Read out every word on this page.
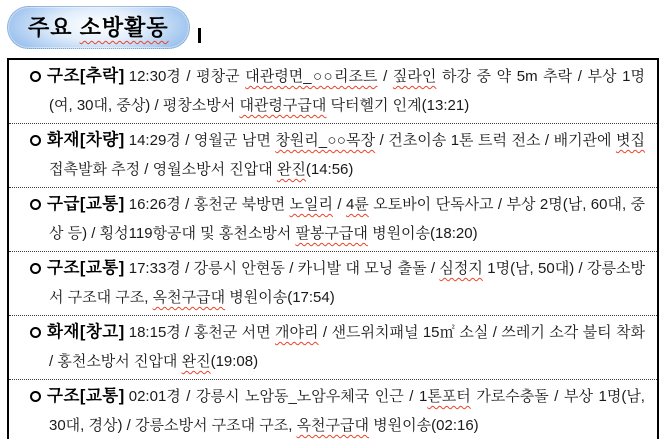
주요 소방활동
구조[추락] 12:30경 / 평창군 대관령면_○○리조트 / 짚라인 하강 중 약 5m 추락 / 부상 1명(여, 30대, 중상) / 평창소방서 대관령구급대 닥터헬기 인계(13:21)
화재[차량] 14:29경 / 영월군 남면 창원리_○○목장 / 건초이송 1톤 트럭 전소 / 배기관에 볏집 접촉발화 추정 / 영월소방서 진압대 완진(14:56)
구급[교통] 16:26경 / 홍천군 북방면 노일리 / 4륜 오토바이 단독사고 / 부상 2명(남, 60대, 중상 등) / 횡성119항공대 및 홍천소방서 팔봉구급대 병원이송(18:20)
구조[교통] 17:33경 / 강릉시 안현동 / 카니발 대 모닝 출돌 / 심정지 1명(남, 50대) / 강릉소방서 구조대 구조, 옥천구급대 병원이송(17:54)
화재[창고] 18:15경 / 홍천군 서면 개야리 / 샌드위치패널 15㎡ 소실 / 쓰레기 소각 불티 착화 / 홍천소방서 진압대 완진(19:08)
구조[교통] 02:01경 / 강릉시 노암동_노암우체국 인근 / 1톤포터 가로수충돌 / 부상 1명(남, 30대, 경상) / 강릉소방서 구조대 구조, 옥천구급대 병원이송(02:16)
